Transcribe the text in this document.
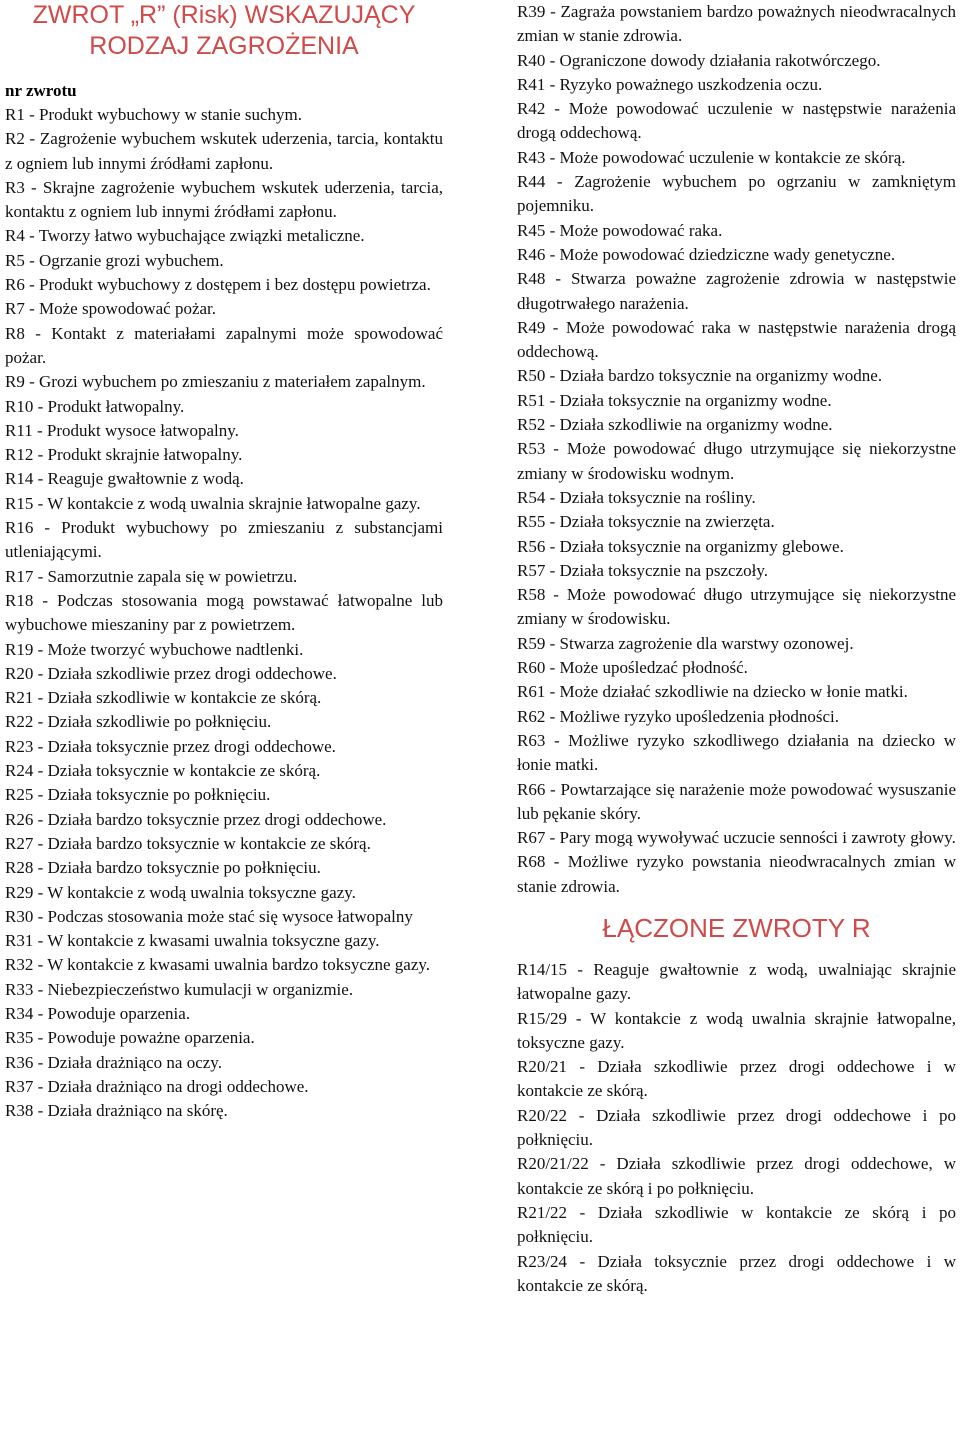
ZWROT „R” (Risk) WSKAZUJĄCY RODZAJ ZAGROŻENIA
nr zwrotu
R1 - Produkt wybuchowy w stanie suchym.
R2 - Zagrożenie wybuchem wskutek uderzenia, tarcia, kontaktu z ogniem lub innymi źródłami zapłonu.
R3 - Skrajne zagrożenie wybuchem wskutek uderzenia, tarcia, kontaktu z ogniem lub innymi źródłami zapłonu.
R4 - Tworzy łatwo wybuchające związki metaliczne.
R5 - Ogrzanie grozi wybuchem.
R6 - Produkt wybuchowy z dostępem i bez dostępu powietrza.
R7 - Może spowodować pożar.
R8 - Kontakt z materiałami zapalnymi może spowodować pożar.
R9 - Grozi wybuchem po zmieszaniu z materiałem zapalnym.
R10 - Produkt łatwopalny.
R11 - Produkt wysoce łatwopalny.
R12 - Produkt skrajnie łatwopalny.
R14 - Reaguje gwałtownie z wodą.
R15 - W kontakcie z wodą uwalnia skrajnie łatwopalne gazy.
R16 - Produkt wybuchowy po zmieszaniu z substancjami utleniającymi.
R17 - Samorzutnie zapala się w powietrzu.
R18 - Podczas stosowania mogą powstawać łatwopalne lub wybuchowe mieszaniny par z powietrzem.
R19 - Może tworzyć wybuchowe nadtlenki.
R20 - Działa szkodliwie przez drogi oddechowe.
R21 - Działa szkodliwie w kontakcie ze skórą.
R22 - Działa szkodliwie po połknięciu.
R23 - Działa toksycznie przez drogi oddechowe.
R24 - Działa toksycznie w kontakcie ze skórą.
R25 - Działa toksycznie po połknięciu.
R26 - Działa bardzo toksycznie przez drogi oddechowe.
R27 - Działa bardzo toksycznie w kontakcie ze skórą.
R28 - Działa bardzo toksycznie po połknięciu.
R29 - W kontakcie z wodą uwalnia toksyczne gazy.
R30 - Podczas stosowania może stać się wysoce łatwopalny
R31 - W kontakcie z kwasami uwalnia toksyczne gazy.
R32 - W kontakcie z kwasami uwalnia bardzo toksyczne gazy.
R33 - Niebezpieczeństwo kumulacji w organizmie.
R34 - Powoduje oparzenia.
R35 - Powoduje poważne oparzenia.
R36 - Działa drażniąco na oczy.
R37 - Działa drażniąco na drogi oddechowe.
R38 - Działa drażniąco na skórę.
R39 - Zagraża powstaniem bardzo poważnych nieodwracalnych zmian w stanie zdrowia.
R40 - Ograniczone dowody działania rakotwórczego.
R41 - Ryzyko poważnego uszkodzenia oczu.
R42 - Może powodować uczulenie w następstwie narażenia drogą oddechową.
R43 - Może powodować uczulenie w kontakcie ze skórą.
R44 - Zagrożenie wybuchem po ogrzaniu w zamkniętym pojemniku.
R45 - Może powodować raka.
R46 - Może powodować dziedziczne wady genetyczne.
R48 - Stwarza poważne zagrożenie zdrowia w następstwie długotrwałego narażenia.
R49 - Może powodować raka w następstwie narażenia drogą oddechową.
R50 - Działa bardzo toksycznie na organizmy wodne.
R51 - Działa toksycznie na organizmy wodne.
R52 - Działa szkodliwie na organizmy wodne.
R53 - Może powodować długo utrzymujące się niekorzystne zmiany w środowisku wodnym.
R54 - Działa toksycznie na rośliny.
R55 - Działa toksycznie na zwierzęta.
R56 - Działa toksycznie na organizmy glebowe.
R57 - Działa toksycznie na pszczoły.
R58 - Może powodować długo utrzymujące się niekorzystne zmiany w środowisku.
R59 - Stwarza zagrożenie dla warstwy ozonowej.
R60 - Może upośledzać płodność.
R61 - Może działać szkodliwie na dziecko w łonie matki.
R62 - Możliwe ryzyko upośledzenia płodności.
R63 - Możliwe ryzyko szkodliwego działania na dziecko w łonie matki.
R66 - Powtarzające się narażenie może powodować wysuszanie lub pękanie skóry.
R67 - Pary mogą wywoływać uczucie senności i zawroty głowy.
R68 - Możliwe ryzyko powstania nieodwracalnych zmian w stanie zdrowia.
ŁĄCZONE ZWROTY R
R14/15 - Reaguje gwałtownie z wodą, uwalniając skrajnie łatwopalne gazy.
R15/29 - W kontakcie z wodą uwalnia skrajnie łatwopalne, toksyczne gazy.
R20/21 - Działa szkodliwie przez drogi oddechowe i w kontakcie ze skórą.
R20/22 - Działa szkodliwie przez drogi oddechowe i po połknięciu.
R20/21/22 - Działa szkodliwie przez drogi oddechowe, w kontakcie ze skórą i po połknięciu.
R21/22 - Działa szkodliwie w kontakcie ze skórą i po połknięciu.
R23/24 - Działa toksycznie przez drogi oddechowe i w kontakcie ze skórą.
